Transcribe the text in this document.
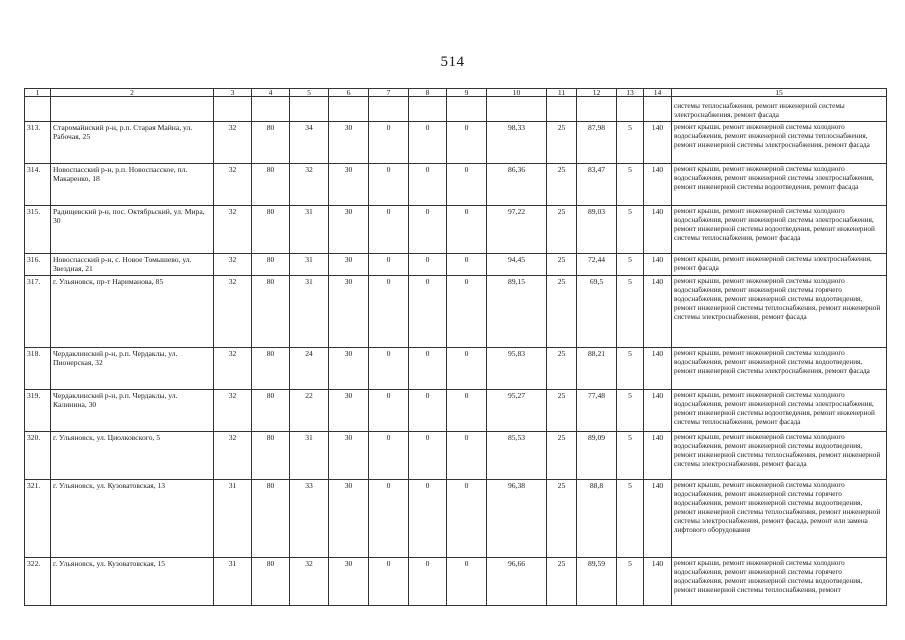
514
1	2	3	4	5	6	7	8	9	10	11	12	13	14	15
														системы теплоснабжения, ремонт инженерной системы электроснабжения, ремонт фасада
313.	Старомайнский р-н, р.п. Старая Майна, ул. Рабочая, 25	32	80	34	30	0	0	0	98,33	25	87,98	5	140	ремонт крыши, ремонт инженерной системы холодного водоснабжения, ремонт инженерной системы теплоснабжения, ремонт инженерной системы электроснабжения, ремонт фасада
314.	Новоспасский р-н, р.п. Новоспасское, пл. Макаренко, 18	32	80	32	30	0	0	0	86,36	25	83,47	5	140	ремонт крыши, ремонт инженерной системы холодного водоснабжения, ремонт инженерной системы электроснабжения, ремонт инженерной системы водоотведения, ремонт фасада
315.	Радищевский р-н, пос. Октябрьский, ул. Мира, 30	32	80	31	30	0	0	0	97,22	25	89,03	5	140	ремонт крыши, ремонт инженерной системы холодного водоснабжения, ремонт инженерной системы электроснабжения, ремонт инженерной системы водоотведения, ремонт инженерной системы теплоснабжения, ремонт фасада
316.	Новоспасский р-н, с. Новое Томышево, ул. Звездная, 21	32	80	31	30	0	0	0	94,45	25	72,44	5	140	ремонт крыши, ремонт инженерной системы электроснабжения, ремонт фасада
317.	г. Ульяновск, пр-т Нариманова, 85	32	80	31	30	0	0	0	89,15	25	69,5	5	140	ремонт крыши, ремонт инженерной системы холодного водоснабжения, ремонт инженерной системы горячего водоснабжения, ремонт инженерной системы водоотведения, ремонт инженерной системы теплоснабжения, ремонт инженерной системы электроснабжения, ремонт фасада
318.	Чердаклинский р-н, р.п. Чердаклы, ул. Пионерская, 32	32	80	24	30	0	0	0	95,83	25	88,21	5	140	ремонт крыши, ремонт инженерной системы холодного водоснабжения, ремонт инженерной системы водоотведения, ремонт инженерной системы электроснабжения, ремонт фасада
319.	Чердаклинский р-н, р.п. Чердаклы, ул. Калинина, 30	32	80	22	30	0	0	0	95,27	25	77,48	5	140	ремонт крыши, ремонт инженерной системы холодного водоснабжения, ремонт инженерной системы электроснабжения, ремонт инженерной системы водоотведения, ремонт инженерной системы теплоснабжения, ремонт фасада
320.	г. Ульяновск, ул. Циолковского, 5	32	80	31	30	0	0	0	85,53	25	89,09	5	140	ремонт крыши, ремонт инженерной системы холодного водоснабжения, ремонт инженерной системы водоотведения, ремонт инженерной системы теплоснабжения, ремонт инженерной системы электроснабжения, ремонт фасада
321.	г. Ульяновск, ул. Кузоватовская, 13	31	80	33	30	0	0	0	96,38	25	88,8	5	140	ремонт крыши, ремонт инженерной системы холодного водоснабжения, ремонт инженерной системы горячего водоснабжения, ремонт инженерной системы водоотведения, ремонт инженерной системы теплоснабжения, ремонт инженерной системы электроснабжения, ремонт фасада, ремонт или замена лифтового оборудования
322.	г. Ульяновск, ул. Кузоватовская, 15	31	80	32	30	0	0	0	96,66	25	89,59	5	140	ремонт крыши, ремонт инженерной системы холодного водоснабжения, ремонт инженерной системы горячего водоснабжения, ремонт инженерной системы водоотведения, ремонт инженерной системы теплоснабжения, ремонт
